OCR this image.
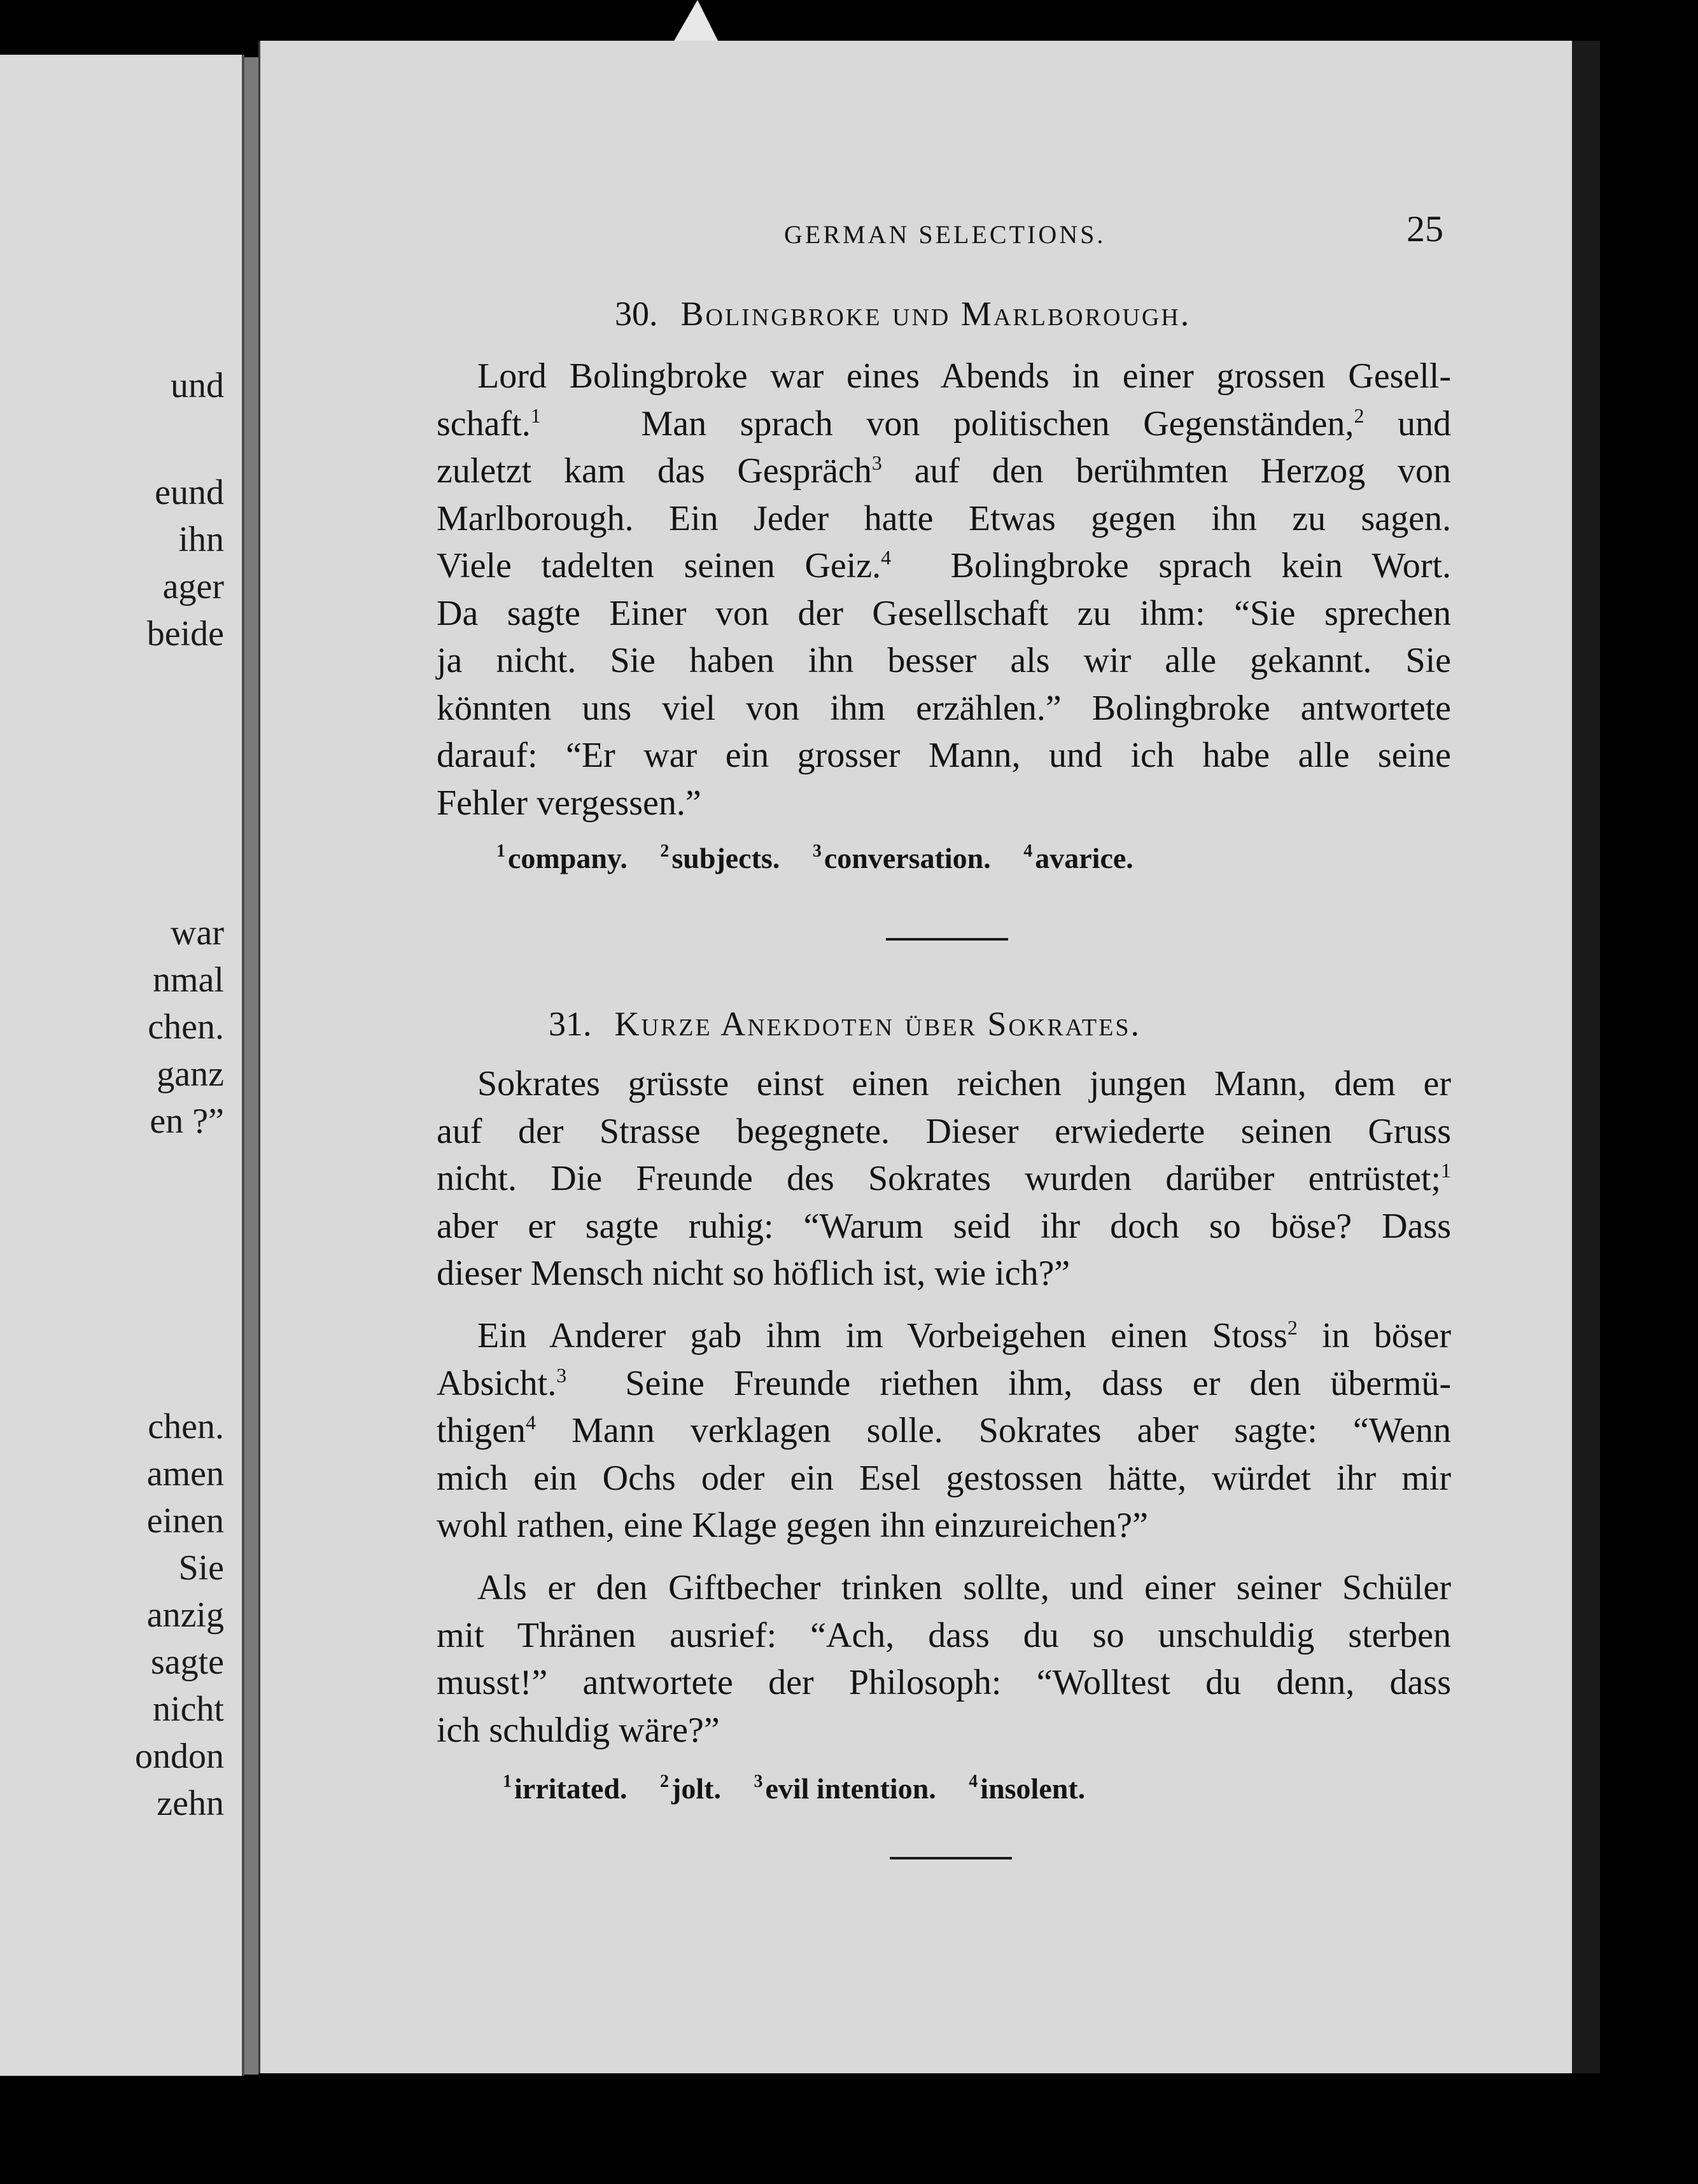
und
eund
ihn
ager
beide
war
nmal
chen.
ganz
en ?”
chen.
amen
einen
Sie
anzig
sagte
nicht
ondon
zehn
GERMAN SELECTIONS.	25
30. Bolingbroke und Marlborough.
Lord Bolingbroke war eines Abends in einer grossen Gesell-
schaft.$^1$	Man sprach von politischen Gegenständen,$^2$ und
zuletzt kam das Gespräch$^3$ auf den berühmten Herzog von
Marlborough. Ein Jeder hatte Etwas gegen ihn zu sagen.
Viele tadelten seinen Geiz.$^4$ Bolingbroke sprach kein Wort.
Da sagte Einer von der Gesellschaft zu ihm: “Sie sprechen
ja nicht. Sie haben ihn besser als wir alle gekannt. Sie
könnten uns viel von ihm erzählen.” Bolingbroke antwortete
darauf: “Er war ein grosser Mann, und ich habe alle seine
Fehler vergessen.”
$^1$company. $^2$subjects. $^3$conversation. $^4$avarice.
31. Kurze Anekdoten über Sokrates.
Sokrates grüsste einst einen reichen jungen Mann, dem er
auf der Strasse begegnete. Dieser erwiederte seinen Gruss
nicht. Die Freunde des Sokrates wurden darüber entrüstet;$^1$
aber er sagte ruhig: “Warum seid ihr doch so böse? Dass
dieser Mensch nicht so höflich ist, wie ich?”
Ein Anderer gab ihm im Vorbeigehen einen Stoss$^2$ in böser
Absicht.$^3$ Seine Freunde riethen ihm, dass er den übermü-
thigen$^4$ Mann verklagen solle. Sokrates aber sagte: “Wenn
mich ein Ochs oder ein Esel gestossen hätte, würdet ihr mir
wohl rathen, eine Klage gegen ihn einzureichen?”
Als er den Giftbecher trinken sollte, und einer seiner Schüler
mit Thränen ausrief: “Ach, dass du so unschuldig sterben
musst!” antwortete der Philosoph: “Wolltest du denn, dass
ich schuldig wäre?”
$^1$irritated. $^2$jolt. $^3$evil intention. $^4$insolent.
